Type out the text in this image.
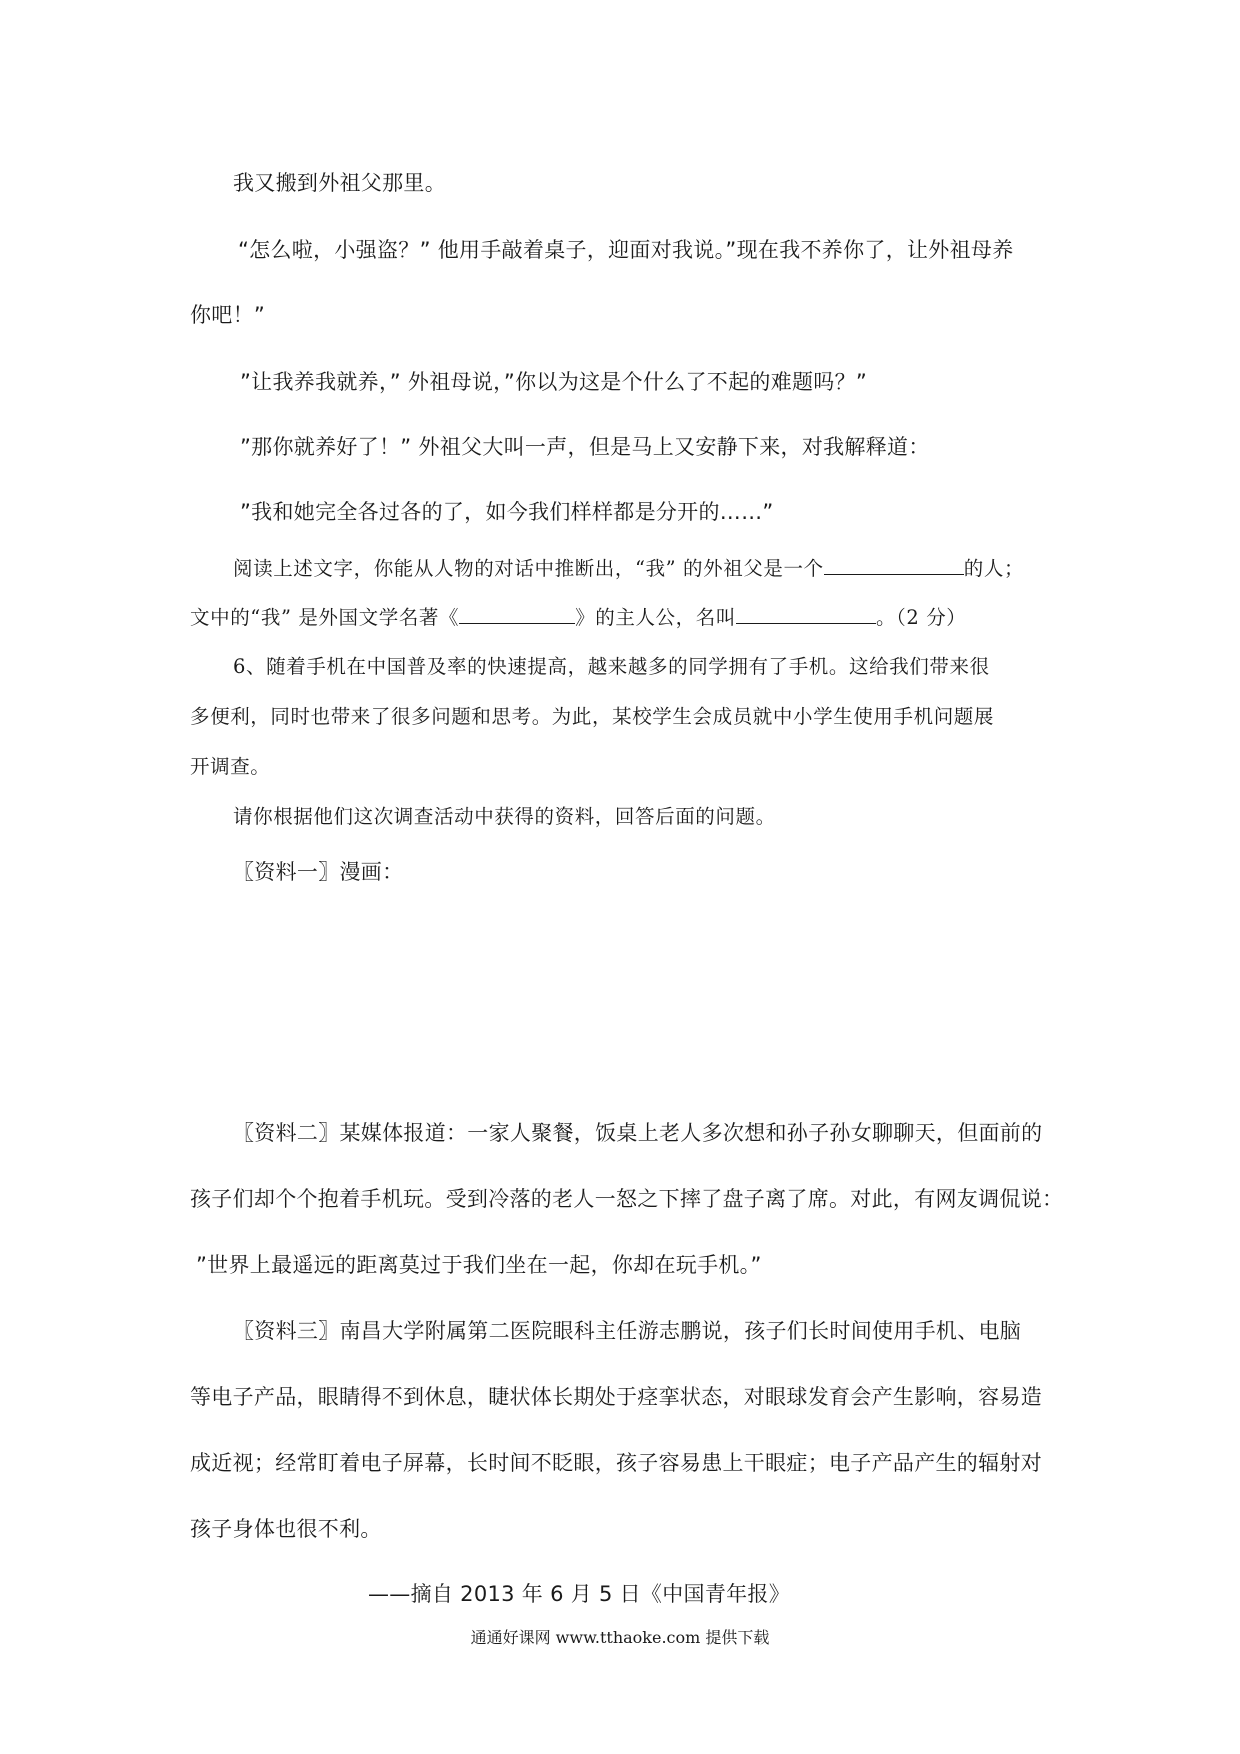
我又搬到外祖父那里。
“怎么啦，小强盗？” 他用手敲着桌子，迎面对我说。”现在我不养你了，让外祖母养
你吧！”
”让我养我就养，” 外祖母说，”你以为这是个什么了不起的难题吗？”
”那你就养好了！” 外祖父大叫一声，但是马上又安静下来，对我解释道：
”我和她完全各过各的了，如今我们样样都是分开的……”
阅读上述文字，你能从人物的对话中推断出，“我” 的外祖父是一个	的人；
文中的“我” 是外国文学名著《	》的主人公，名叫	。（2 分）
6、随着手机在中国普及率的快速提高，越来越多的同学拥有了手机。这给我们带来很
多便利，同时也带来了很多问题和思考。为此，某校学生会成员就中小学生使用手机问题展
开调查。
请你根据他们这次调查活动中获得的资料，回答后面的问题。
〖资料一〗漫画：
〖资料二〗某媒体报道：一家人聚餐，饭桌上老人多次想和孙子孙女聊聊天，但面前的
孩子们却个个抱着手机玩。受到冷落的老人一怒之下摔了盘子离了席。对此，有网友调侃说：
”世界上最遥远的距离莫过于我们坐在一起，你却在玩手机。”
〖资料三〗南昌大学附属第二医院眼科主任游志鹏说，孩子们长时间使用手机、电脑
等电子产品，眼睛得不到休息，睫状体长期处于痉挛状态，对眼球发育会产生影响，容易造
成近视；经常盯着电子屏幕，长时间不眨眼，孩子容易患上干眼症；电子产品产生的辐射对
孩子身体也很不利。
——摘自 2013 年 6 月 5 日《中国青年报》
通通好课网 www.tthaoke.com 提供下载
